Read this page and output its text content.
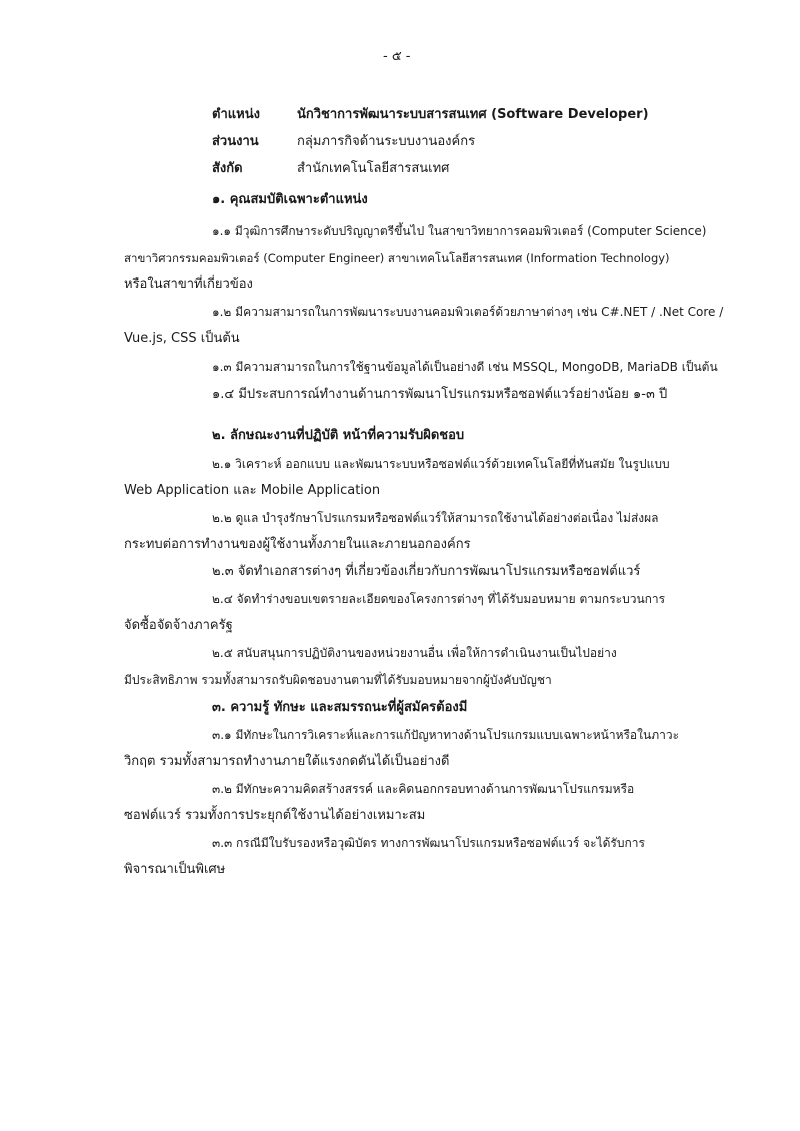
- ๕ -
ตำแหน่ง	นักวิชาการพัฒนาระบบสารสนเทศ (Software Developer)
ส่วนงาน	กลุ่มภารกิจด้านระบบงานองค์กร
สังกัด	สำนักเทคโนโลยีสารสนเทศ
๑. คุณสมบัติเฉพาะตำแหน่ง
๑.๑ มีวุฒิการศึกษาระดับปริญญาตรีขึ้นไป ในสาขาวิทยาการคอมพิวเตอร์ (Computer Science)
สาขาวิศวกรรมคอมพิวเตอร์ (Computer Engineer) สาขาเทคโนโลยีสารสนเทศ (Information Technology)
หรือในสาขาที่เกี่ยวข้อง
๑.๒ มีความสามารถในการพัฒนาระบบงานคอมพิวเตอร์ด้วยภาษาต่างๆ เช่น C#.NET / .Net Core /
Vue.js, CSS เป็นต้น
๑.๓ มีความสามารถในการใช้ฐานข้อมูลได้เป็นอย่างดี เช่น MSSQL, MongoDB, MariaDB เป็นต้น
๑.๔ มีประสบการณ์ทำงานด้านการพัฒนาโปรแกรมหรือซอฟต์แวร์อย่างน้อย ๑-๓ ปี
๒. ลักษณะงานที่ปฏิบัติ หน้าที่ความรับผิดชอบ
๒.๑ วิเคราะห์ ออกแบบ และพัฒนาระบบหรือซอฟต์แวร์ด้วยเทคโนโลยีที่ทันสมัย ในรูปแบบ
Web Application และ Mobile Application
๒.๒ ดูแล บำรุงรักษาโปรแกรมหรือซอฟต์แวร์ให้สามารถใช้งานได้อย่างต่อเนื่อง ไม่ส่งผล
กระทบต่อการทำงานของผู้ใช้งานทั้งภายในและภายนอกองค์กร
๒.๓ จัดทำเอกสารต่างๆ ที่เกี่ยวข้องเกี่ยวกับการพัฒนาโปรแกรมหรือซอฟต์แวร์
๒.๔ จัดทำร่างขอบเขตรายละเอียดของโครงการต่างๆ ที่ได้รับมอบหมาย ตามกระบวนการ
จัดซื้อจัดจ้างภาครัฐ
๒.๕ สนับสนุนการปฏิบัติงานของหน่วยงานอื่น เพื่อให้การดำเนินงานเป็นไปอย่าง
มีประสิทธิภาพ รวมทั้งสามารถรับผิดชอบงานตามที่ได้รับมอบหมายจากผู้บังคับบัญชา
๓. ความรู้ ทักษะ และสมรรถนะที่ผู้สมัครต้องมี
๓.๑ มีทักษะในการวิเคราะห์และการแก้ปัญหาทางด้านโปรแกรมแบบเฉพาะหน้าหรือในภาวะ
วิกฤต รวมทั้งสามารถทำงานภายใต้แรงกดดันได้เป็นอย่างดี
๓.๒ มีทักษะความคิดสร้างสรรค์ และคิดนอกกรอบทางด้านการพัฒนาโปรแกรมหรือ
ซอฟต์แวร์ รวมทั้งการประยุกต์ใช้งานได้อย่างเหมาะสม
๓.๓ กรณีมีใบรับรองหรือวุฒิบัตร ทางการพัฒนาโปรแกรมหรือซอฟต์แวร์ จะได้รับการ
พิจารณาเป็นพิเศษ
